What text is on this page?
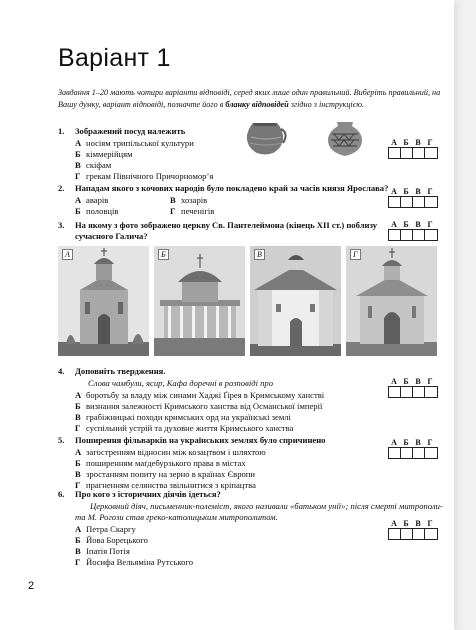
Варіант 1
Завдання 1–20 мають чотири варіанти відповіді, серед яких лише один правильний. Виберіть правильний, на Вашу думку, варіант відповіді, позначте його в бланку відповідей згідно з інструкцією.
1. Зображений посуд належить
А носіям трипільської культури
Б кіммерійцям
В скіфам
Г грекам Північного Причорномор’я
А Б В Г
2. Нападам якого з кочових народів було покладено край за часів князя Ярослава?
А аварів
Б половців
В хозарів
Г печенігів
А Б В Г
3. На якому з фото зображено церкву Св. Пантелеймона (кінець XII ст.) поблизу
сучасного Галича?
А Б В Г
А	Б	В	Г
4. Доповніть твердження.
Слова чамбули, ясир, Кафа доречні в розповіді про
А боротьбу за владу між синами Хаджі Ґірея в Кримському ханстві
Б визнання залежності Кримського ханства від Османської імперії
В грабіжницькі походи кримських орд на українські землі
Г суспільний устрій та духовне життя Кримського ханства
А Б В Г
5. Поширення фільварків на українських землях було спричинено
А загостренням відносин між козацтвом і шляхтою
Б поширенням маґдебурзького права в містах
В зростанням попиту на зерно в країнах Європи
Г прагненням селянства звільнитися з кріпацтва
А Б В Г
6. Про кого з історичних діячів ідеться?
Церковний діяч, письменник-полеміст, якого називали «батьком унії»; після смерті митрополи-
та М. Рогози став греко-католицьким митрополитом.
А Петра Скаргу
Б Йова Борецького
В Іпатія Потія
Г Йосифа Вельяміна Рутського
А Б В Г
2
